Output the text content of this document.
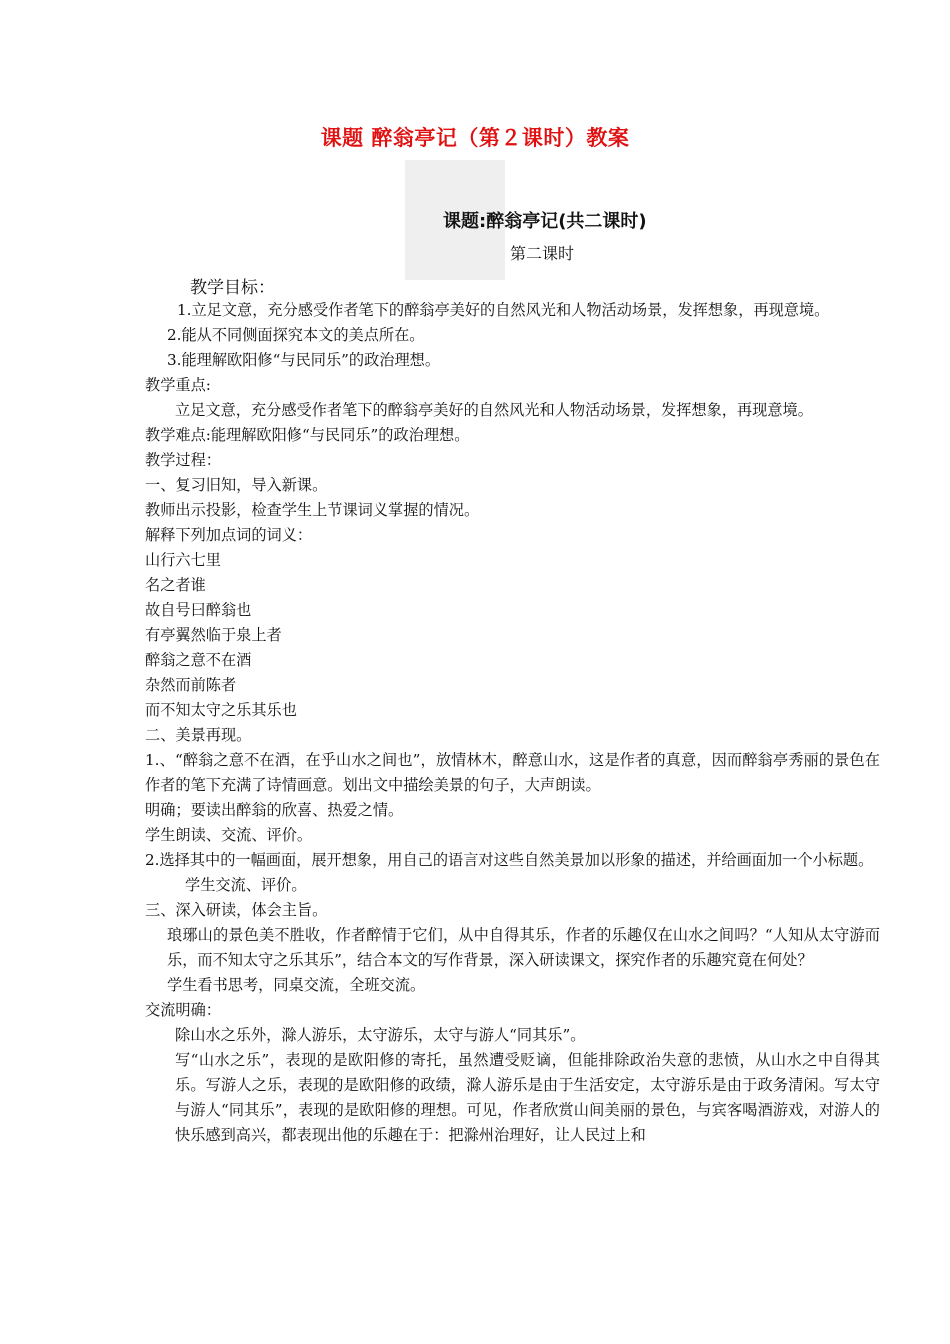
课题 醉翁亭记（第２课时）教案
课题:醉翁亭记(共二课时)
第二课时
教学目标：

1.立足文意，充分感受作者笔下的醉翁亭美好的自然风光和人物活动场景，发挥想象，再现意境。

2.能从不同侧面探究本文的美点所在。

3.能理解欧阳修“与民同乐”的政治理想。

教学重点:

立足文意，充分感受作者笔下的醉翁亭美好的自然风光和人物活动场景，发挥想象，再现意境。

教学难点:能理解欧阳修“与民同乐”的政治理想。

教学过程：

一、复习旧知，导入新课。

教师出示投影，检查学生上节课词义掌握的情况。

解释下列加点词的词义：

山行六七里

名之者谁

故自号曰醉翁也

有亭翼然临于泉上者

醉翁之意不在酒

杂然而前陈者

而不知太守之乐其乐也

二、美景再现。

1.、“醉翁之意不在酒，在乎山水之间也”，放情林木，醉意山水，这是作者的真意，因而醉翁亭秀丽的景色在作者的笔下充满了诗情画意。划出文中描绘美景的句子，大声朗读。

明确；要读出醉翁的欣喜、热爱之情。

学生朗读、交流、评价。

2.选择其中的一幅画面，展开想象，用自己的语言对这些自然美景加以形象的描述，并给画面加一个小标题。

学生交流、评价。

三、深入研读，体会主旨。

琅琊山的景色美不胜收，作者醉情于它们，从中自得其乐，作者的乐趣仅在山水之间吗？“人知从太守游而乐，而不知太守之乐其乐”，结合本文的写作背景，深入研读课文，探究作者的乐趣究竟在何处？

学生看书思考，同桌交流，全班交流。

交流明确：

除山水之乐外，滁人游乐，太守游乐，太守与游人“同其乐”。

写“山水之乐”，表现的是欧阳修的寄托，虽然遭受贬谪，但能排除政治失意的悲愤，从山水之中自得其乐。写游人之乐，表现的是欧阳修的政绩，滁人游乐是由于生活安定，太守游乐是由于政务清闲。写太守与游人“同其乐”，表现的是欧阳修的理想。可见，作者欣赏山间美丽的景色，与宾客喝酒游戏，对游人的快乐感到高兴，都表现出他的乐趣在于：把滁州治理好，让人民过上和
